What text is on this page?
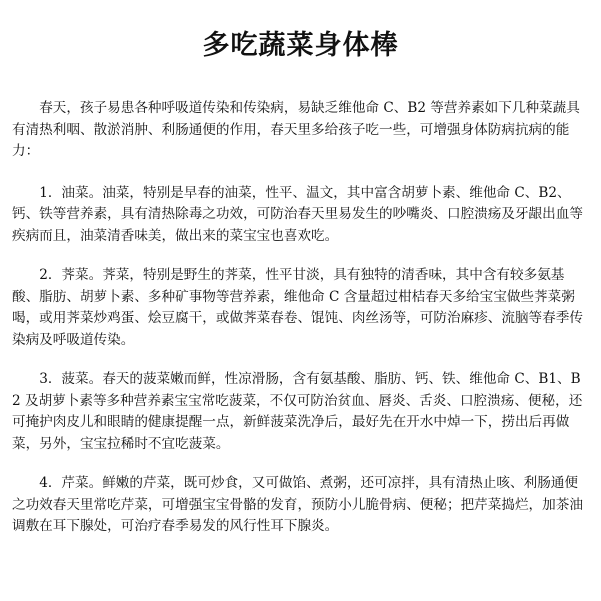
多吃蔬菜身体棒

春天，孩子易患各种呼吸道传染和传染病，易缺乏维他命 C、B2 等营养素如下几种菜蔬具有清热利咽、散淤消肿、利肠通便的作用，春天里多给孩子吃一些，可增强身体防病抗病的能力：

1．油菜。油菜，特别是早春的油菜，性平、温文，其中富含胡萝卜素、维他命 C、B2、钙、铁等营养素，具有清热除毒之功效，可防治春天里易发生的吵嘴炎、口腔溃疡及牙龈出血等疾病而且，油菜清香味美，做出来的菜宝宝也喜欢吃。

2．荠菜。荠菜，特别是野生的荠菜，性平甘淡，具有独特的清香味，其中含有较多氨基酸、脂肪、胡萝卜素、多种矿事物等营养素，维他命 C 含量超过柑桔春天多给宝宝做些荠菜粥喝，或用荠菜炒鸡蛋、烩豆腐干，或做荠菜春卷、馄饨、肉丝汤等，可防治麻疹、流脑等春季传染病及呼吸道传染。

3．菠菜。春天的菠菜嫩而鲜，性凉滑肠，含有氨基酸、脂肪、钙、铁、维他命 C、B1、B2 及胡萝卜素等多种营养素宝宝常吃菠菜，不仅可防治贫血、唇炎、舌炎、口腔溃疡、便秘，还可掩护肉皮儿和眼睛的健康提醒一点，新鲜菠菜洗净后，最好先在开水中焯一下，捞出后再做菜，另外，宝宝拉稀时不宜吃菠菜。

4．芹菜。鲜嫩的芹菜，既可炒食，又可做馅、煮粥，还可凉拌，具有清热止咳、利肠通便之功效春天里常吃芹菜，可增强宝宝骨骼的发育，预防小儿脆骨病、便秘；把芹菜捣烂，加茶油调敷在耳下腺处，可治疗春季易发的风行性耳下腺炎。
